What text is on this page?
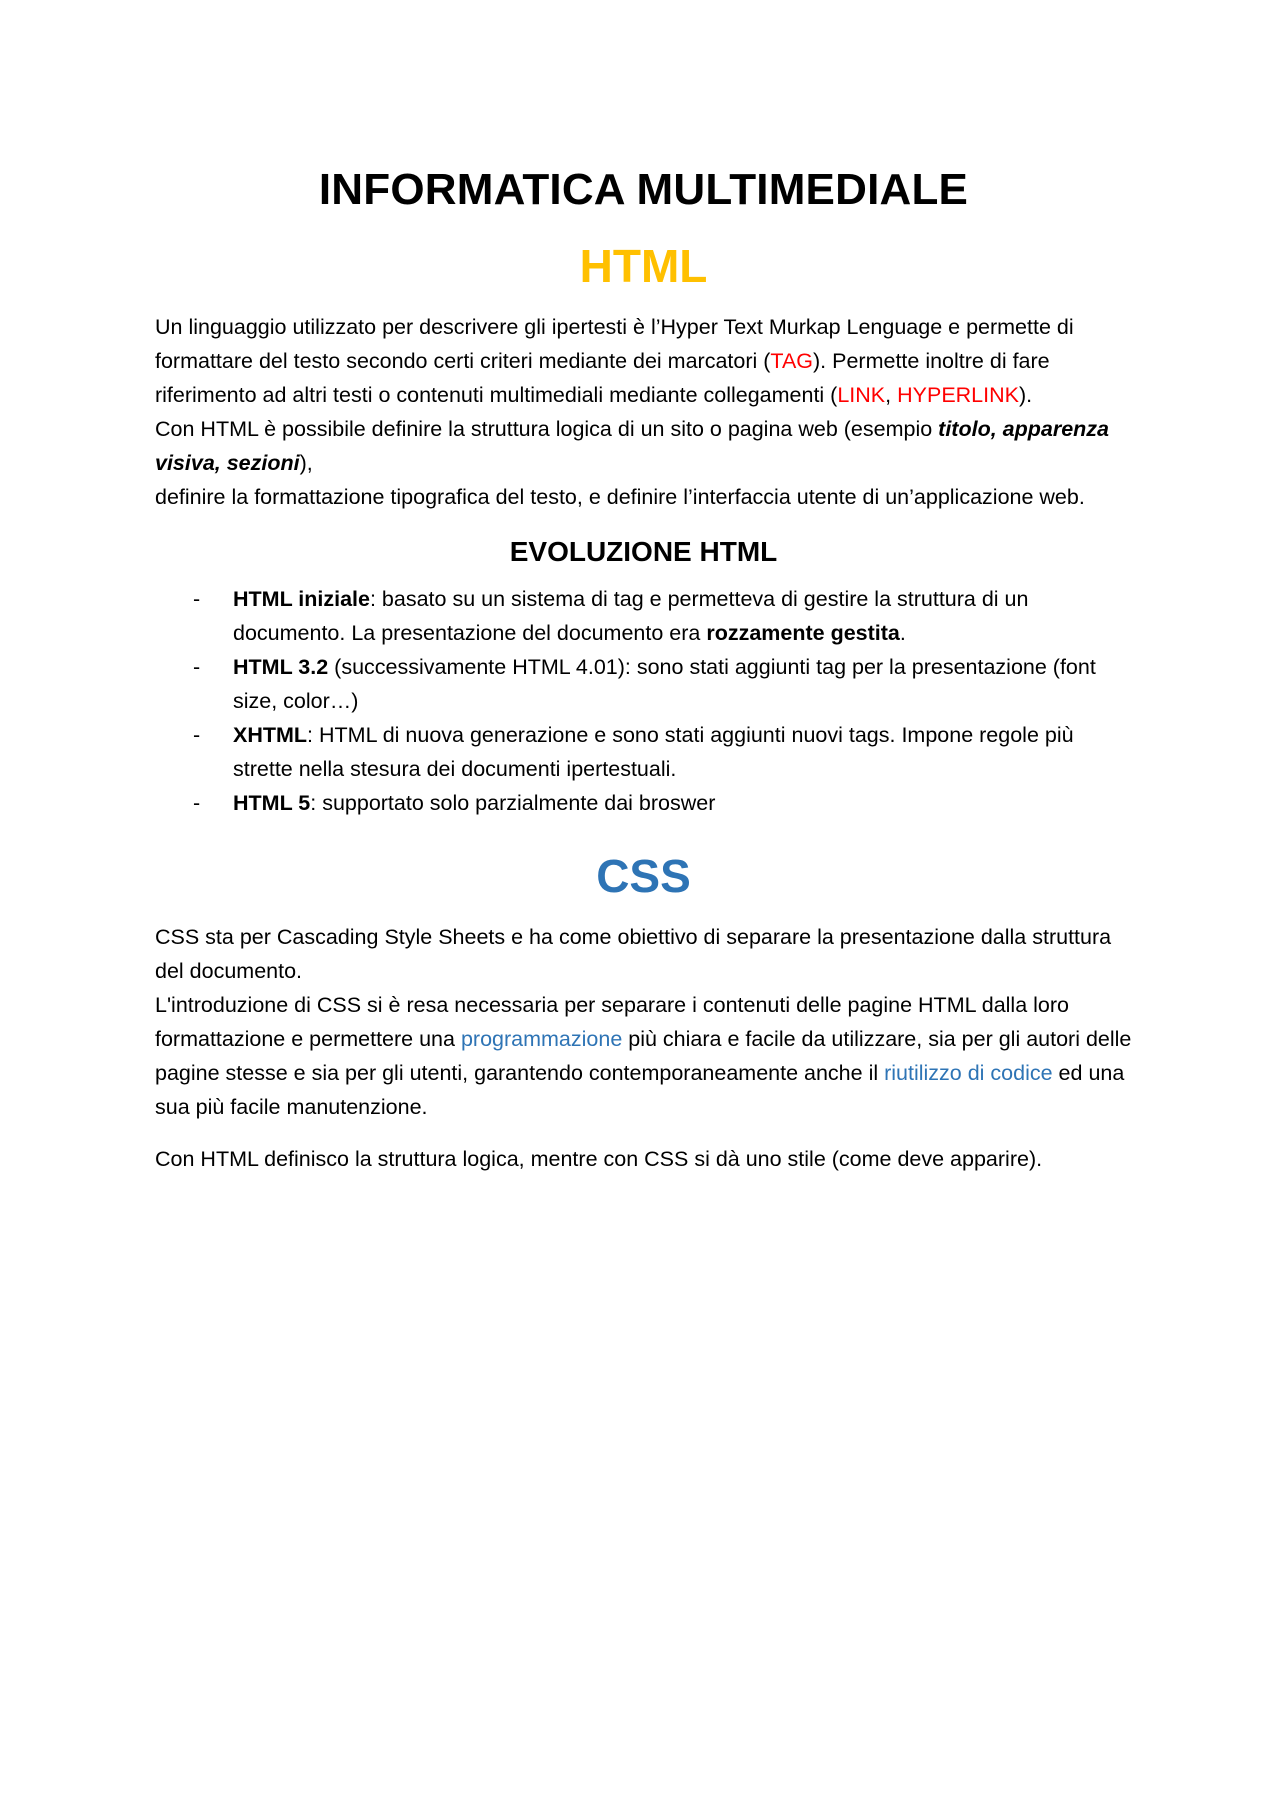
INFORMATICA MULTIMEDIALE
HTML

Un linguaggio utilizzato per descrivere gli ipertesti è l’Hyper Text Murkap Lenguage e permette di formattare del testo secondo certi criteri mediante dei marcatori (TAG). Permette inoltre di fare riferimento ad altri testi o contenuti multimediali mediante collegamenti (LINK, HYPERLINK).

Con HTML è possibile definire la struttura logica di un sito o pagina web (esempio titolo, apparenza visiva, sezioni),

definire la formattazione tipografica del testo, e definire l’interfaccia utente di un’applicazione web.

EVOLUZIONE HTML
- HTML iniziale: basato su un sistema di tag e permetteva di gestire la struttura di un documento. La presentazione del documento era rozzamente gestita.
- HTML 3.2 (successivamente HTML 4.01): sono stati aggiunti tag per la presentazione (font size, color…)
- XHTML: HTML di nuova generazione e sono stati aggiunti nuovi tags. Impone regole più strette nella stesura dei documenti ipertestuali.
- HTML 5: supportato solo parzialmente dai broswer
CSS

CSS sta per Cascading Style Sheets e ha come obiettivo di separare la presentazione dalla struttura del documento.

L'introduzione di CSS si è resa necessaria per separare i contenuti delle pagine HTML dalla loro formattazione e permettere una programmazione più chiara e facile da utilizzare, sia per gli autori delle pagine stesse e sia per gli utenti, garantendo contemporaneamente anche il riutilizzo di codice ed una sua più facile manutenzione.

Con HTML definisco la struttura logica, mentre con CSS si dà uno stile (come deve apparire).
